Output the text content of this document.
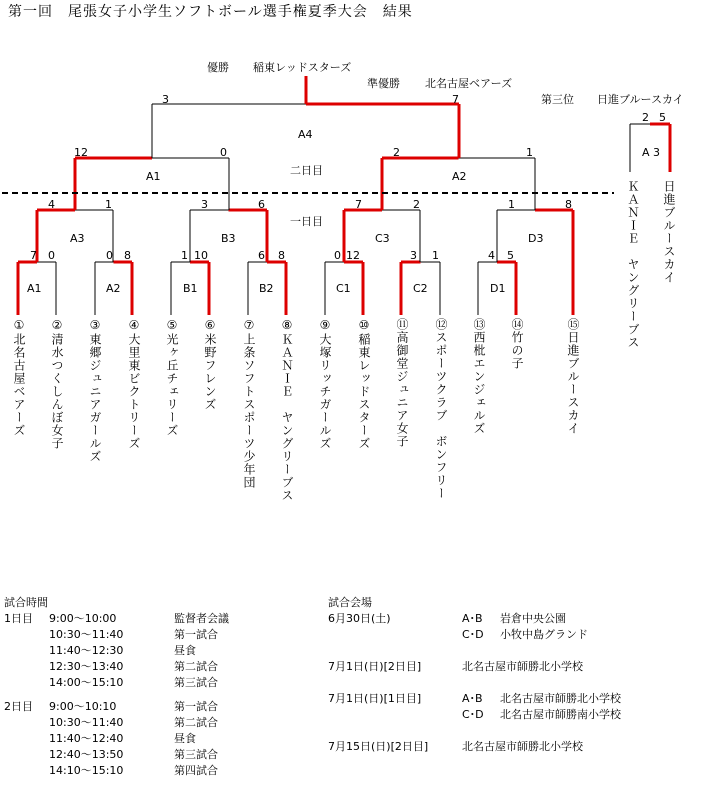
第一回　尾張女子小学生ソフトボール選手権夏季大会　結果
優勝 稲東レッドスターズ
準優勝 北名古屋ベアーズ
第三位 日進ブルースカイ
二日目
一日目
A1	A2	B1	B2	C1	C2	D1
A3	B3	C3	D3
A1	A2
A4
A 3
7 0	0 8	1 10	6 8	0 12	3 1	4 5
4	1	3	6	7	2	1	8
12	0	2	1
3	7
2 5
①北名古屋ベアーズ
②清水つくしんぼ女子
③東郷ジュニアガールズ
④大里東ビクトリーズ
⑤光ヶ丘チェリーズ
⑥米野フレンズ
⑦上条ソフトスポーツ少年団
⑧ＫＡＮＩＥ　ヤングリーブス
⑨大塚リッチガールズ
⑩稲東レッドスターズ
⑪高御堂ジュニア女子
⑫スポーツクラブ　ボンフリー
⑬西枇エンジェルズ
⑭竹の子
⑮日進ブルースカイ
ＫＡＮＩＥ　ヤングリーブス 日進ブルースカイ
試合時間
1日目	9:00～10:00	監督者会議
10:30～11:40	第一試合
11:40～12:30	昼食
12:30～13:40	第二試合
14:00～15:10	第三試合
2日目	9:00～10:10	第一試合
10:30～11:40	第二試合
11:40～12:40	昼食
12:40～13:50	第三試合
14:10～15:10	第四試合
試合会場
6月30日(土)	A･B	岩倉中央公園
C･D	小牧中島グランド
7月1日(日)[2日目]	北名古屋市師勝北小学校
7月1日(日)[1日目]	A･B	北名古屋市師勝北小学校
C･D	北名古屋市師勝南小学校
7月15日(日)[2日目]	北名古屋市師勝北小学校
